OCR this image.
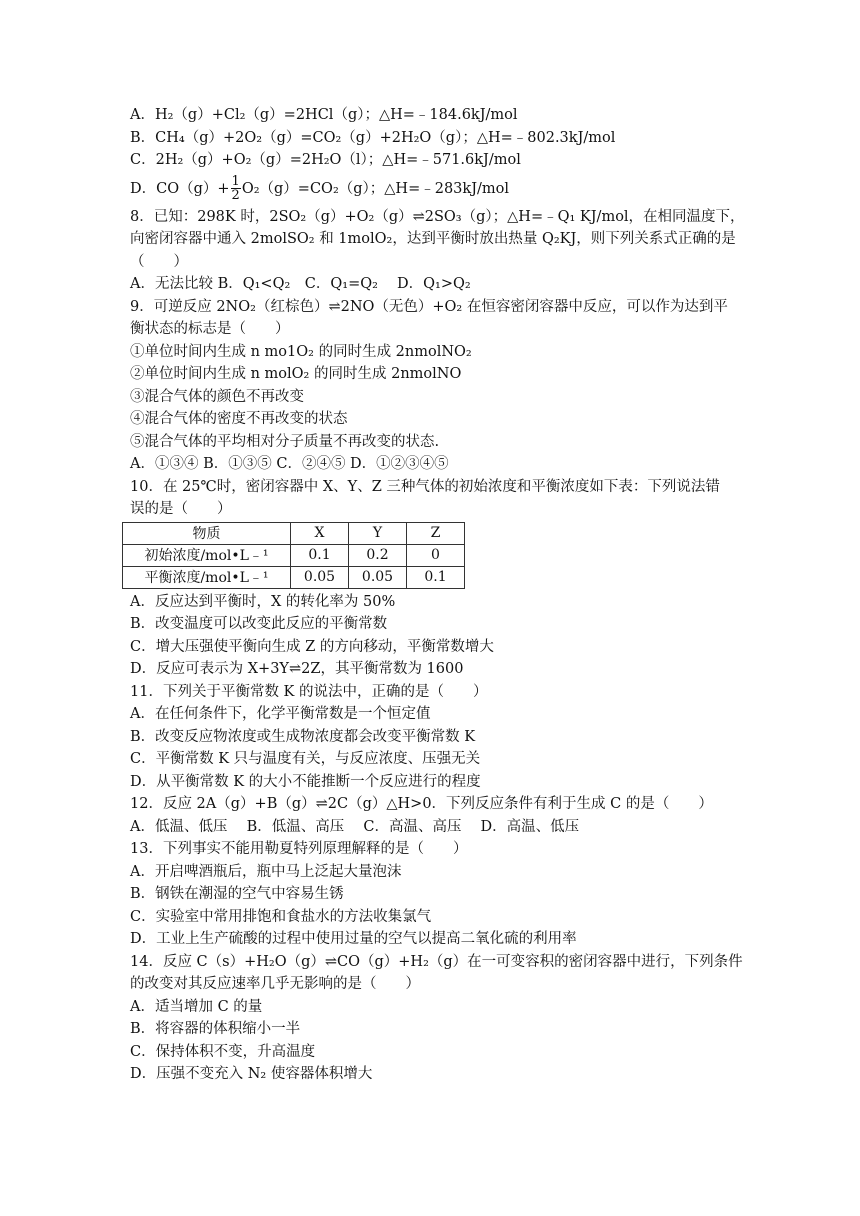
A．H₂（g）+Cl₂（g）=2HCl（g）；△H=﹣184.6kJ/mol
B．CH₄（g）+2O₂（g）=CO₂（g）+2H₂O（g）；△H=﹣802.3kJ/mol
C．2H₂（g）+O₂（g）=2H₂O（l）；△H=﹣571.6kJ/mol
D．$CO(g)+ \frac{1}{2} O_2(g)=CO_2(g)$；△H=﹣283kJ/mol
8．已知：298K 时，2SO₂（g）+O₂（g）⇌2SO₃（g）；△H=﹣Q₁ KJ/mol，在相同温度下，
向密闭容器中通入 2molSO₂ 和 1molO₂，达到平衡时放出热量 Q₂KJ，则下列关系式正确的是
（　　）
A．无法比较 B．Q₁<Q₂　C．Q₁=Q₂　 D．Q₁>Q₂
9．可逆反应 2NO₂（红棕色）⇌2NO（无色）+O₂ 在恒容密闭容器中反应，可以作为达到平
衡状态的标志是（　　）
①单位时间内生成 n mo1O₂ 的同时生成 2nmolNO₂
②单位时间内生成 n molO₂ 的同时生成 2nmolNO
③混合气体的颜色不再改变
④混合气体的密度不再改变的状态
⑤混合气体的平均相对分子质量不再改变的状态.
A．①③④ B．①③⑤ C．②④⑤ D．①②③④⑤
10．在 25℃时，密闭容器中 X、Y、Z 三种气体的初始浓度和平衡浓度如下表：下列说法错
误的是（　　）
物质	X	Y	Z
初始浓度/mol•L﹣¹	0.1	0.2	0
平衡浓度/mol•L﹣¹	0.05	0.05	0.1
A．反应达到平衡时，X 的转化率为 50%
B．改变温度可以改变此反应的平衡常数
C．增大压强使平衡向生成 Z 的方向移动，平衡常数增大
D．反应可表示为 X+3Y⇌2Z，其平衡常数为 1600
11．下列关于平衡常数 K 的说法中，正确的是（　　）
A．在任何条件下，化学平衡常数是一个恒定值
B．改变反应物浓度或生成物浓度都会改变平衡常数 K
C．平衡常数 K 只与温度有关，与反应浓度、压强无关
D．从平衡常数 K 的大小不能推断一个反应进行的程度
12．反应 2A（g）+B（g）⇌2C（g）△H>0．下列反应条件有利于生成 C 的是（　　）
A．低温、低压　 B．低温、高压　 C．高温、高压　 D．高温、低压
13．下列事实不能用勒夏特列原理解释的是（　　）
A．开启啤酒瓶后，瓶中马上泛起大量泡沫
B．钢铁在潮湿的空气中容易生锈
C．实验室中常用排饱和食盐水的方法收集氯气
D．工业上生产硫酸的过程中使用过量的空气以提高二氧化硫的利用率
14．反应 C（s）+H₂O（g）⇌CO（g）+H₂（g）在一可变容积的密闭容器中进行，下列条件
的改变对其反应速率几乎无影响的是（　　）
A．适当增加 C 的量
B．将容器的体积缩小一半
C．保持体积不变，升高温度
D．压强不变充入 N₂ 使容器体积增大
